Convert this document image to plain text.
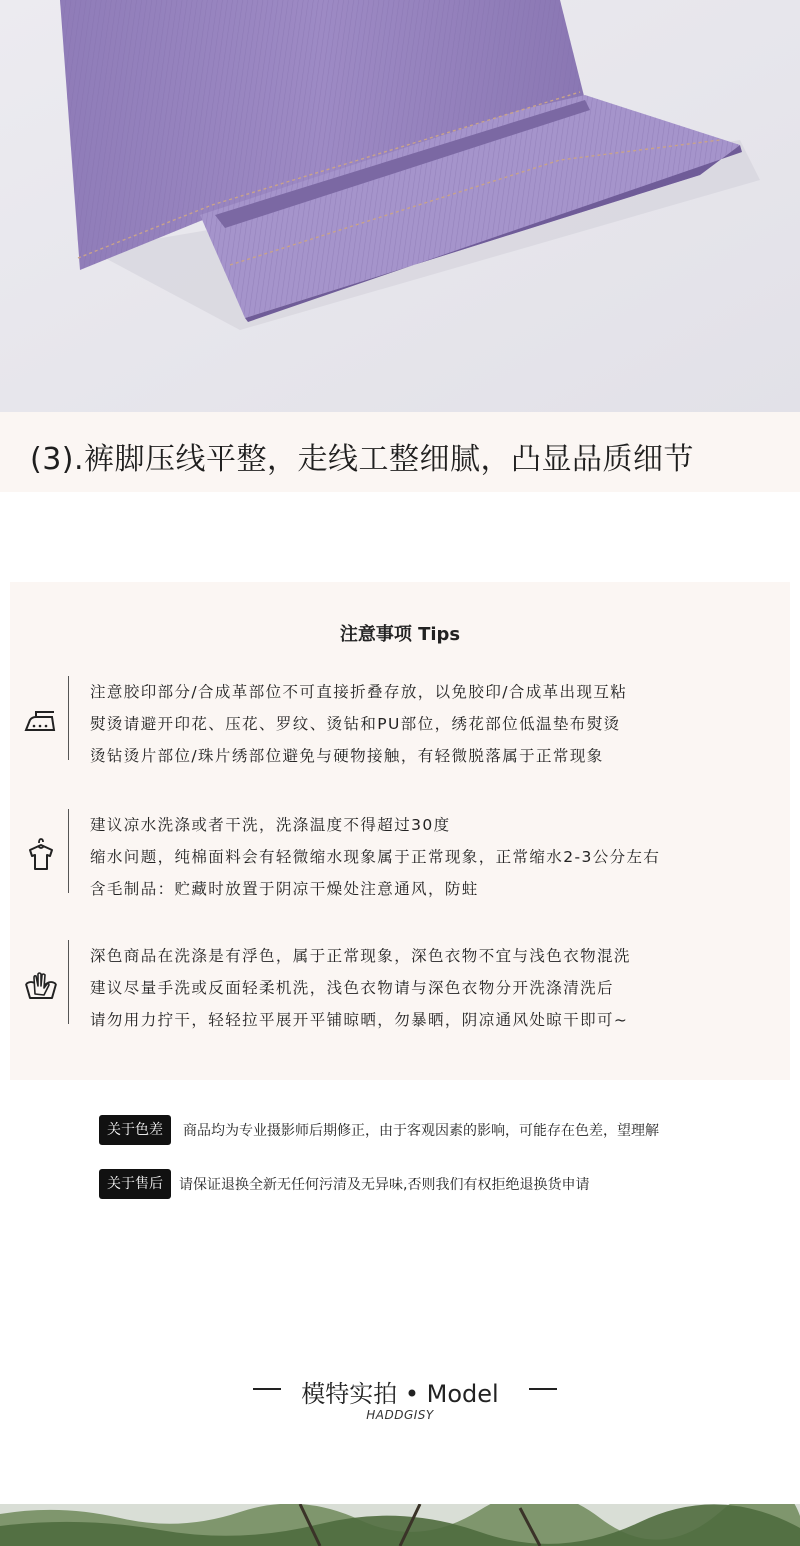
(3).裤脚压线平整，走线工整细腻，凸显品质细节
注意事项 Tips
注意胶印部分/合成革部位不可直接折叠存放，以免胶印/合成革出现互粘
熨烫请避开印花、压花、罗纹、烫钻和PU部位，绣花部位低温垫布熨烫
烫钻烫片部位/珠片绣部位避免与硬物接触，有轻微脱落属于正常现象
建议凉水洗涤或者干洗，洗涤温度不得超过30度
缩水问题，纯棉面料会有轻微缩水现象属于正常现象，正常缩水2-3公分左右
含毛制品：贮藏时放置于阴凉干燥处注意通风，防蛀
深色商品在洗涤是有浮色，属于正常现象，深色衣物不宜与浅色衣物混洗
建议尽量手洗或反面轻柔机洗，浅色衣物请与深色衣物分开洗涤清洗后
请勿用力拧干，轻轻拉平展开平铺晾晒，勿暴晒，阴凉通风处晾干即可~
关于色差	商品均为专业摄影师后期修正，由于客观因素的影响，可能存在色差，望理解
关于售后	请保证退换全新无任何污清及无异味,否则我们有权拒绝退换货申请
模特实拍 • Model
HADDGISY
